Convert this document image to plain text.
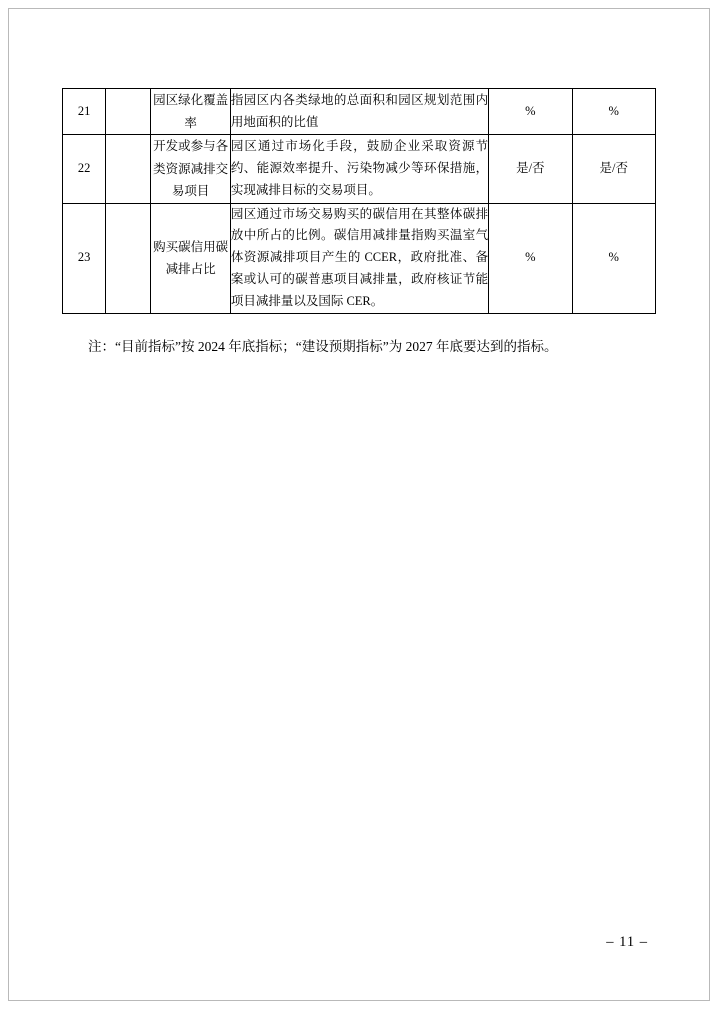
21		园区绿化覆盖率	指园区内各类绿地的总面积和园区规划范围内用地面积的比值	%	%

22		开发或参与各类资源减排交易项目	园区通过市场化手段，鼓励企业采取资源节约、能源效率提升、污染物减少等环保措施，实现减排目标的交易项目。	是/否	是/否

23		购买碳信用碳减排占比	园区通过市场交易购买的碳信用在其整体碳排放中所占的比例。碳信用减排量指购买温室气体资源减排项目产生的 CCER，政府批准、备案或认可的碳普惠项目减排量，政府核证节能项目减排量以及国际 CER。	%	%
注：“目前指标”按 2024 年底指标；“建设预期指标”为 2027 年底要达到的指标。
– 11 –
